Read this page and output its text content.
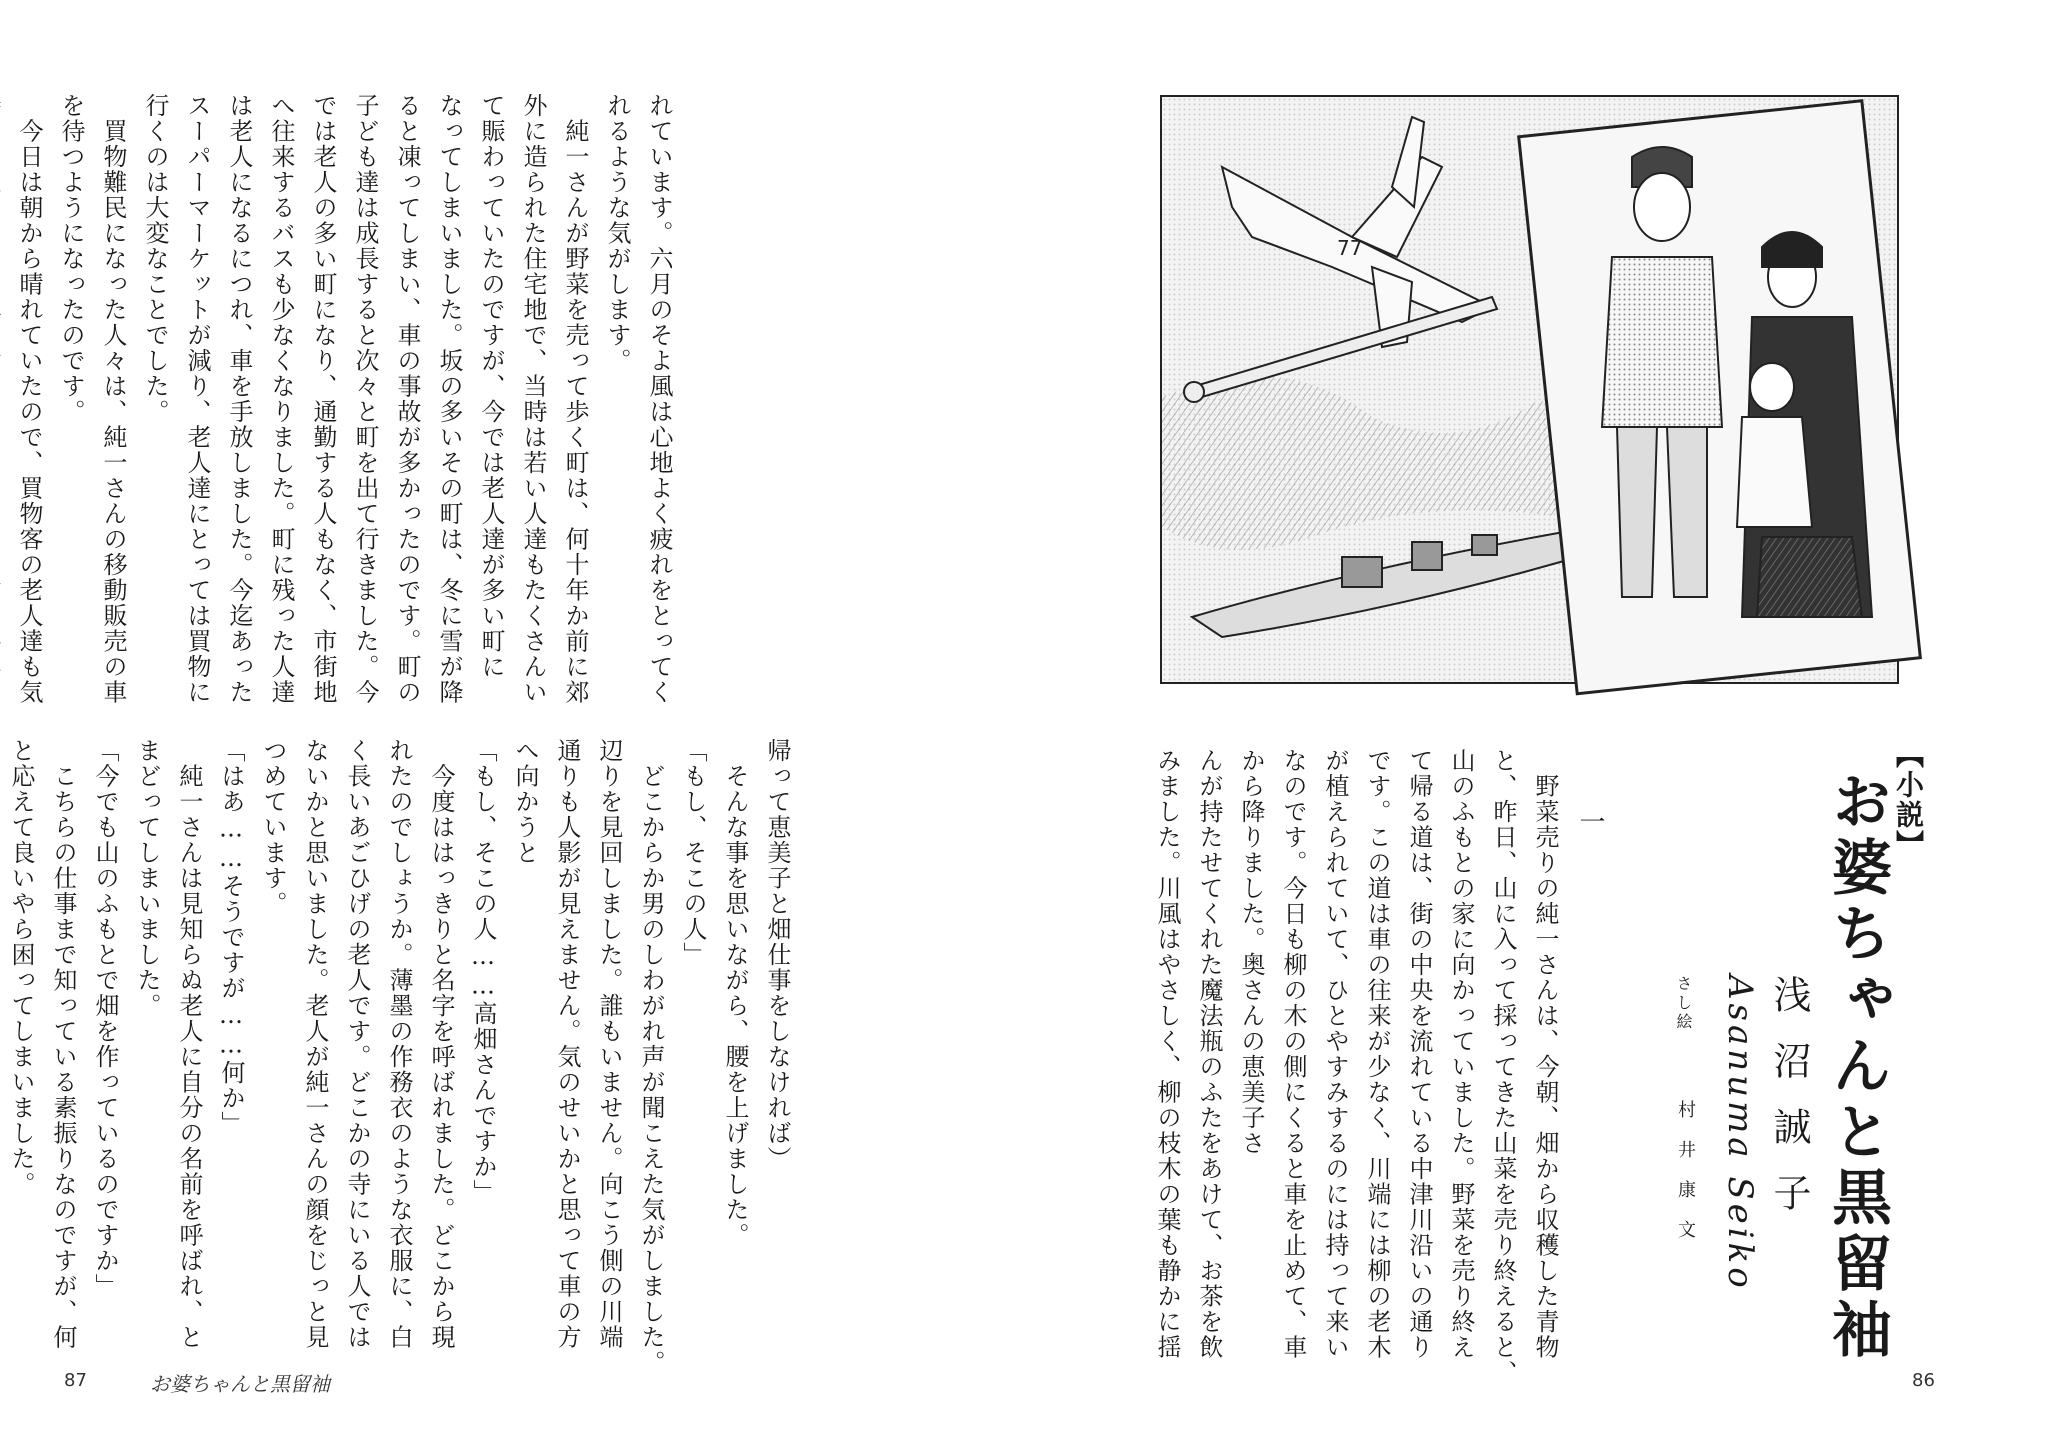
れています。六月のそよ風は心地よく疲れをとってく

れるような気がします。

　純一さんが野菜を売って歩く町は、何十年か前に郊

外に造られた住宅地で、当時は若い人達もたくさんい

て賑わっていたのですが、今では老人達が多い町に

なってしまいました。坂の多いその町は、冬に雪が降

ると凍ってしまい、車の事故が多かったのです。町の

子ども達は成長すると次々と町を出て行きました。今

では老人の多い町になり、通勤する人もなく、市街地

へ往来するバスも少なくなりました。町に残った人達

は老人になるにつれ、車を手放しました。今迄あった

スーパーマーケットが減り、老人達にとっては買物に

行くのは大変なことでした。

　買物難民になった人々は、純一さんの移動販売の車

を待つようになったのです。

　今日は朝から晴れていたので、買物客の老人達も気

帰って恵美子と畑仕事をしなければ）

　そんな事を思いながら、腰を上げました。

「もし、そこの人」

　どこからか男のしわがれ声が聞こえた気がしました。

辺りを見回しました。誰もいません。向こう側の川端

通りも人影が見えません。気のせいかと思って車の方

へ向かうと

「もし、そこの人……高畑さんですか」

　今度ははっきりと名字を呼ばれました。どこから現

れたのでしょうか。薄墨の作務衣のような衣服に、白

く長いあごひげの老人です。どこかの寺にいる人では

ないかと思いました。老人が純一さんの顔をじっと見

つめています。

「はあ……そうですが……何か」

　純一さんは見知らぬ老人に自分の名前を呼ばれ、と

まどってしまいました。

「今でも山のふもとで畑を作っているのですか」

　こちらの仕事まで知っている素振りなのですが、何

と応えて良いやら困ってしまいました。

87	お婆ちゃんと黒留袖
77
【小説】
お婆ちゃんと黒留袖
浅沼誠子
Asanuma Seiko
さし絵
村井康文
一

　野菜売りの純一さんは、今朝、畑から収穫した青物

と、昨日、山に入って採ってきた山菜を売り終えると、

山のふもとの家に向かっていました。野菜を売り終え

て帰る道は、街の中央を流れている中津川沿いの通り

です。この道は車の往来が少なく、川端には柳の老木

が植えられていて、ひとやすみするのには持って来い

なのです。今日も柳の木の側にくると車を止めて、車

から降りました。奥さんの恵美子さ

んが持たせてくれた魔法瓶のふたをあけて、お茶を飲

みました。川風はやさしく、柳の枝木の葉も静かに揺

86
